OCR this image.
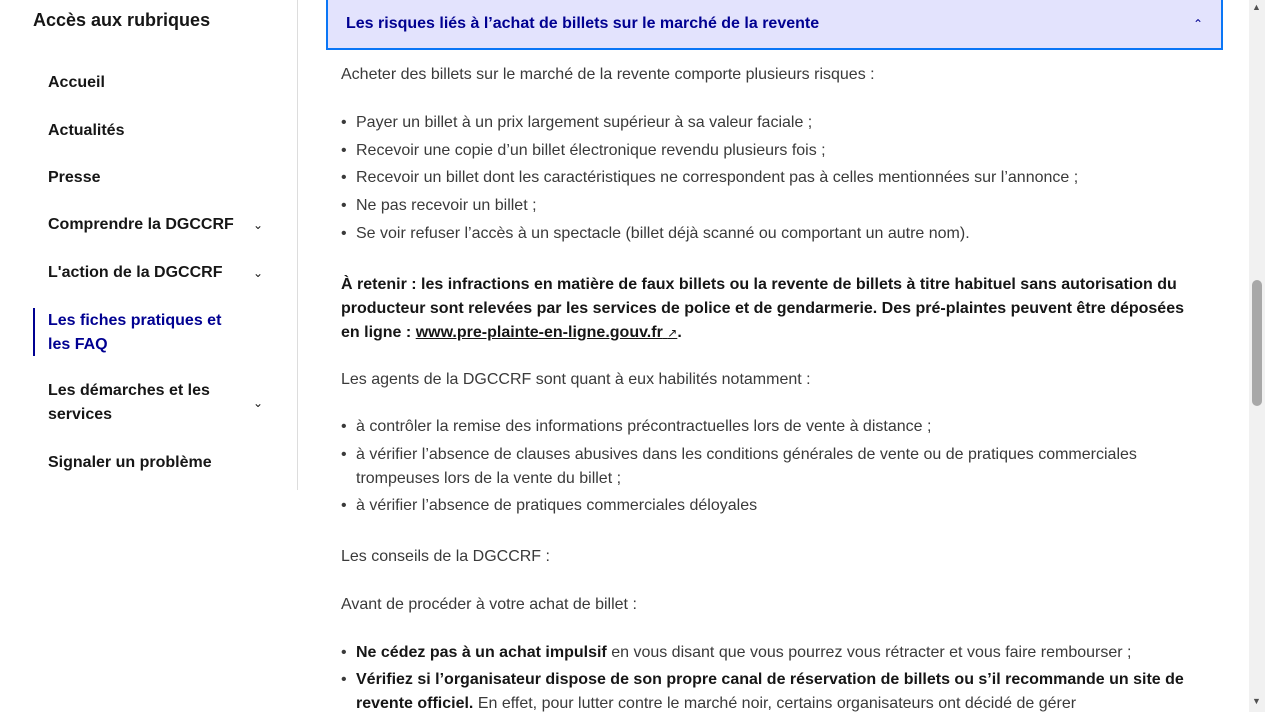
Accès aux rubriques
Accueil
Actualités
Presse
Comprendre la DGCCRF ⌄
L'action de la DGCCRF	⌄
Les fiches pratiques et les FAQ
Les démarches et les services
⌄
Signaler un problème
Les risques liés à l’achat de billets sur le marché de la revente	⌃
Acheter des billets sur le marché de la revente comporte plusieurs risques :
• Payer un billet à un prix largement supérieur à sa valeur faciale ;
• Recevoir une copie d’un billet électronique revendu plusieurs fois ;
• Recevoir un billet dont les caractéristiques ne correspondent pas à celles mentionnées sur l’annonce ;
• Ne pas recevoir un billet ;
• Se voir refuser l’accès à un spectacle (billet déjà scanné ou comportant un autre nom).
À retenir : les infractions en matière de faux billets ou la revente de billets à titre habituel sans autorisation du producteur sont relevées par les services de police et de gendarmerie. Des pré-plaintes peuvent être déposées en ligne : www.pre-plainte-en-ligne.gouv.fr ↗.
Les agents de la DGCCRF sont quant à eux habilités notamment :
• à contrôler la remise des informations précontractuelles lors de vente à distance ;
• à vérifier l’absence de clauses abusives dans les conditions générales de vente ou de pratiques commerciales trompeuses lors de la vente du billet ;
• à vérifier l’absence de pratiques commerciales déloyales
Les conseils de la DGCCRF :
Avant de procéder à votre achat de billet :
• Ne cédez pas à un achat impulsif en vous disant que vous pourrez vous rétracter et vous faire rembourser ;
• Vérifiez si l’organisateur dispose de son propre canal de réservation de billets ou s’il recommande un site de revente officiel. En effet, pour lutter contre le marché noir, certains organisateurs ont décidé de gérer
▲
▼
